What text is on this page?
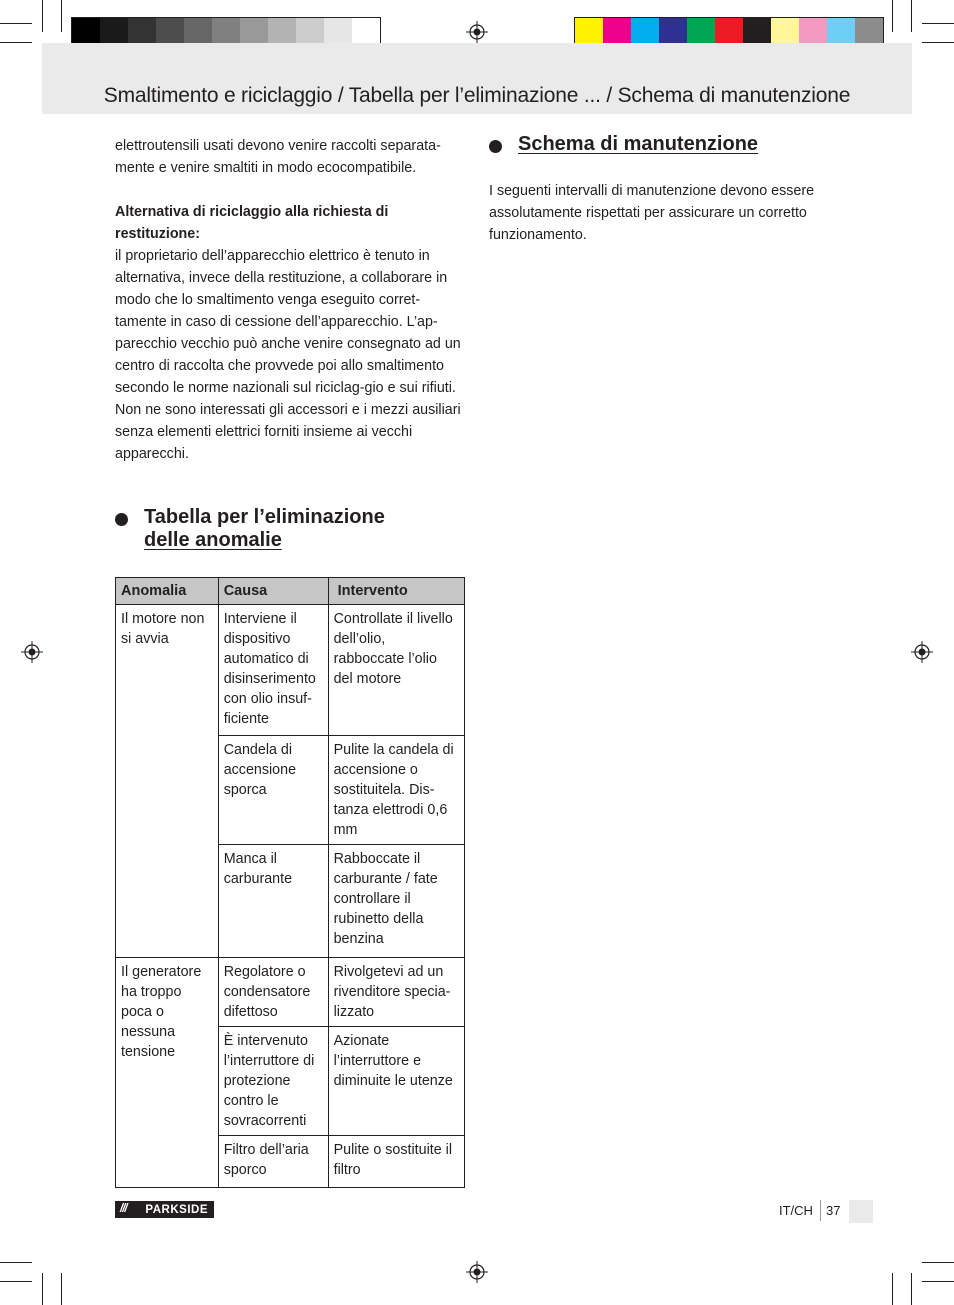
Smaltimento e riciclaggio / Tabella per l’eliminazione ... / Schema di manutenzione
elettroutensili usati devono venire raccolti separata-mente e venire smaltiti in modo ecocompatibile.
Alternativa di riciclaggio alla richiesta di restituzione:
il proprietario dell’apparecchio elettrico è tenuto in alternativa, invece della restituzione, a collaborare in modo che lo smaltimento venga eseguito corret-tamente in caso di cessione dell’apparecchio. L’ap-parecchio vecchio può anche venire consegnato ad un centro di raccolta che provvede poi allo smaltimento secondo le norme nazionali sul riciclag-gio e sui rifiuti. Non ne sono interessati gli accessori e i mezzi ausiliari senza elementi elettrici forniti insieme ai vecchi apparecchi.
Tabella per l’eliminazione
delle anomalie
Anomalia	Causa	Intervento
Il motore non si avvia	Interviene il dispositivo automatico di disinserimento con olio insuf-ficiente	Controllate il livello dell’olio, rabboccate l’olio del motore
	Candela di accensione sporca	Pulite la candela di accensione o sostituitela. Dis-tanza elettrodi 0,6 mm
	Manca il carburante	Rabboccate il carburante / fate controllare il rubinetto della benzina
Il generatore ha troppo poca o nessuna tensione	Regolatore o condensatore difettoso	Rivolgetevi ad un rivenditore specia-lizzato
	È intervenuto l’interruttore di protezione contro le sovracorrenti	Azionate l’interruttore e diminuite le utenze
	Filtro dell’aria sporco	Pulite o sostituite il filtro
Schema di manutenzione
I seguenti intervalli di manutenzione devono essere assolutamente rispettati per assicurare un corretto funzionamento.
/// PARKSIDE	IT/CH 37
